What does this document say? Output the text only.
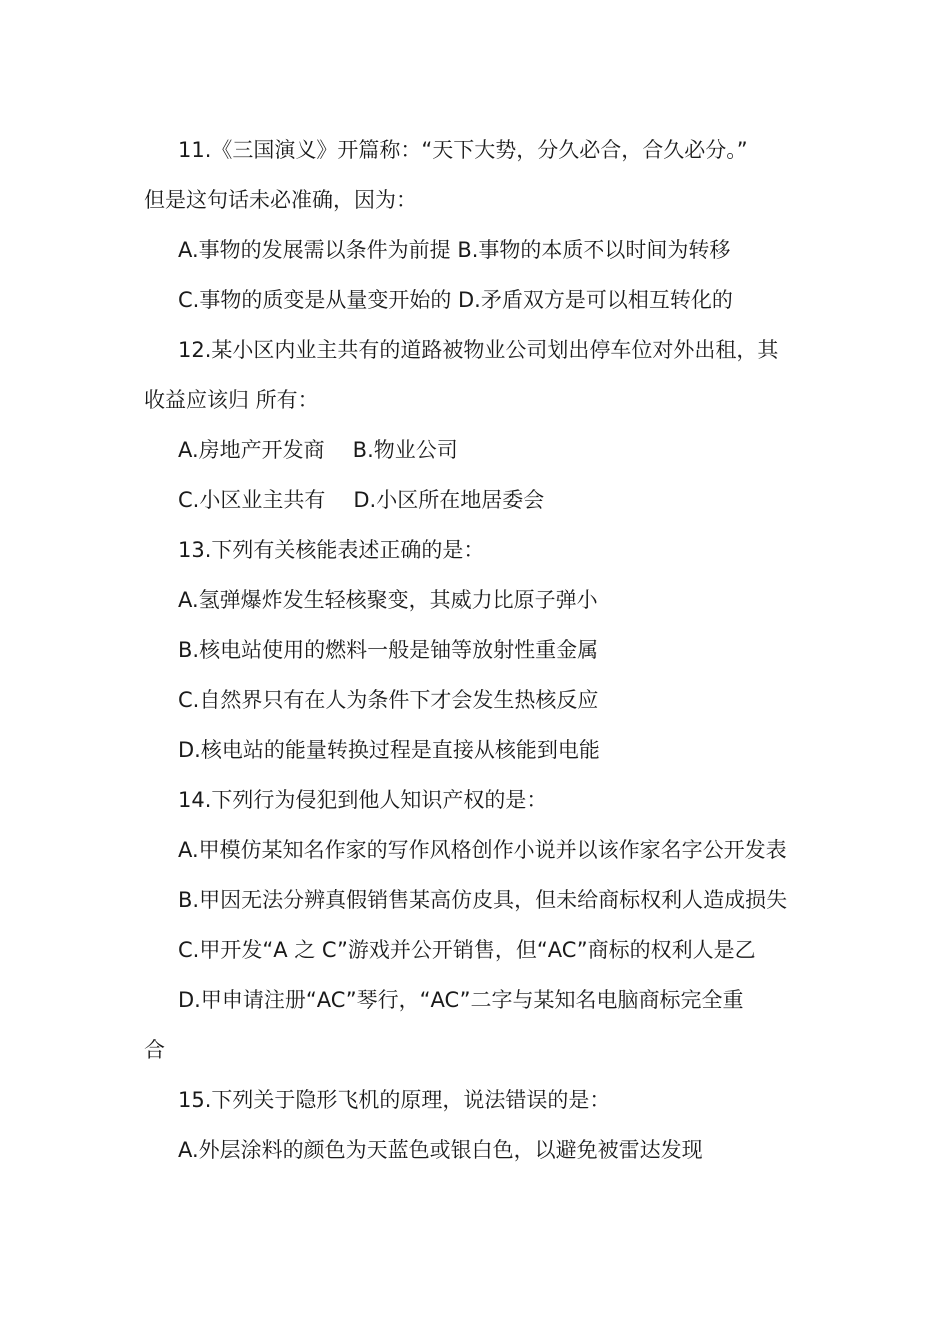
11.《三国演义》开篇称：“天下大势，分久必合，合久必分。”
但是这句话未必准确，因为：
A.事物的发展需以条件为前提 B.事物的本质不以时间为转移
C.事物的质变是从量变开始的 D.矛盾双方是可以相互转化的
12.某小区内业主共有的道路被物业公司划出停车位对外出租，其
收益应该归 所有：
A.房地产开发商 B.物业公司
C.小区业主共有 D.小区所在地居委会
13.下列有关核能表述正确的是：
A.氢弹爆炸发生轻核聚变，其威力比原子弹小
B.核电站使用的燃料一般是铀等放射性重金属
C.自然界只有在人为条件下才会发生热核反应
D.核电站的能量转换过程是直接从核能到电能
14.下列行为侵犯到他人知识产权的是：
A.甲模仿某知名作家的写作风格创作小说并以该作家名字公开发表
B.甲因无法分辨真假销售某高仿皮具，但未给商标权利人造成损失
C.甲开发“A 之 C”游戏并公开销售，但“AC”商标的权利人是乙
D.甲申请注册“AC”琴行，“AC”二字与某知名电脑商标完全重
合
15.下列关于隐形飞机的原理，说法错误的是：
A.外层涂料的颜色为天蓝色或银白色，以避免被雷达发现
